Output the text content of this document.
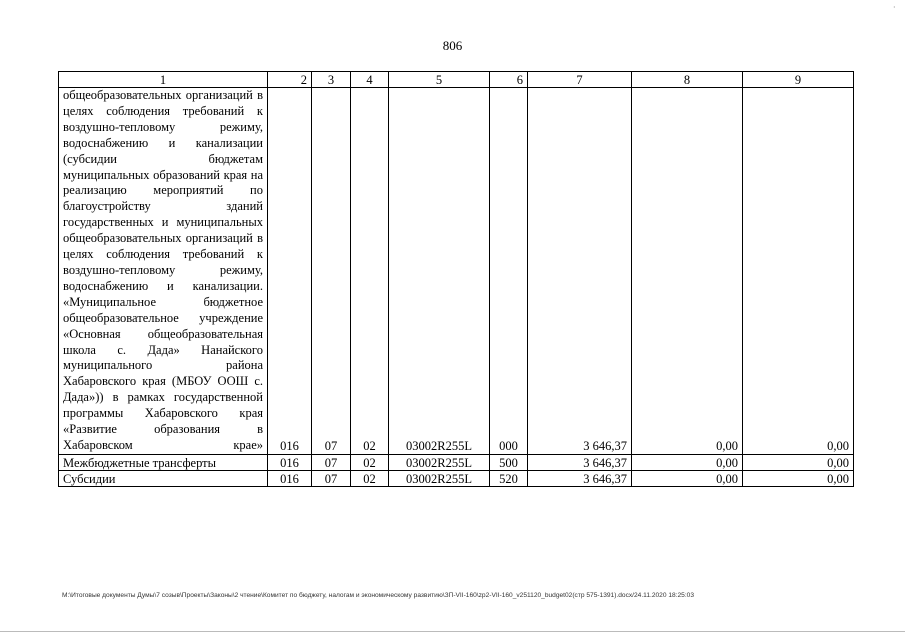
·
806
1	2	3	4	5	6	7	8	9

общеобразовательных организаций в целях соблюдения требований к воздушно-тепловому режиму, водоснабжению и канализации (субсидии бюджетам муниципальных образований края на реализацию мероприятий по благоустройству зданий государственных и муниципальных общеобразовательных организаций в целях соблюдения требований к воздушно-тепловому режиму, водоснабжению и канализации. «Муниципальное бюджетное общеобразовательное учреждение «Основная общеобразовательная школа с. Дада» Нанайского муниципального района Хабаровского края (МБОУ ООШ с. Дада»)) в рамках государственной программы Хабаровского края «Развитие образования в Хабаровском крае»	016	07	02	03002R255L	000	3 646,37	0,00	0,00
Межбюджетные трансферты	016	07	02	03002R255L	500	3 646,37	0,00	0,00
Субсидии	016	07	02	03002R255L	520	3 646,37	0,00	0,00
M:\Итоговые документы Думы\7 созыв\Проекты\Законы\2 чтение\Комитет по бюджету, налогам и экономическому развитию\ЗП-VII-160\zp2-VII-160_v251120_budget02(стр 575-1391).docx/24.11.2020 18:25:03
